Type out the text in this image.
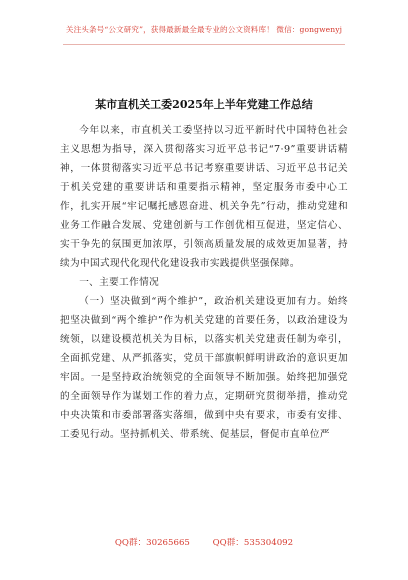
关注头条号“公文研究”，获得最新最全最专业的公文资料库！ 微信：gongwenyj
某市直机关工委2025年上半年党建工作总结

今年以来，市直机关工委坚持以习近平新时代中国特色社会主义思想为指导，深入贯彻落实习近平总书记“7·9”重要讲话精神，一体贯彻落实习近平总书记考察重要讲话、习近平总书记关于机关党建的重要讲话和重要指示精神，坚定服务市委中心工作，扎实开展“牢记嘱托感恩奋进、机关争先”行动，推动党建和业务工作融合发展、党建创新与工作创优相互促进，坚定信心、实干争先的氛围更加浓厚，引领高质量发展的成效更加显著，持续为中国式现代化现代化建设我市实践提供坚强保障。

一、主要工作情况

（一）坚决做到“两个维护”，政治机关建设更加有力。始终把坚决做到“两个维护”作为机关党建的首要任务，以政治建设为统领，以建设模范机关为目标，以落实机关党建责任制为牵引，全面抓党建、从严抓落实，党员干部旗帜鲜明讲政治的意识更加牢固。一是坚持政治统领党的全面领导不断加强。始终把加强党的全面领导作为谋划工作的着力点，定期研究贯彻举措，推动党中央决策和市委部署落实落细，做到中央有要求，市委有安排、工委见行动。坚持抓机关、带系统、促基层，督促市直单位严

QQ群：30265665	QQ群：535304092
